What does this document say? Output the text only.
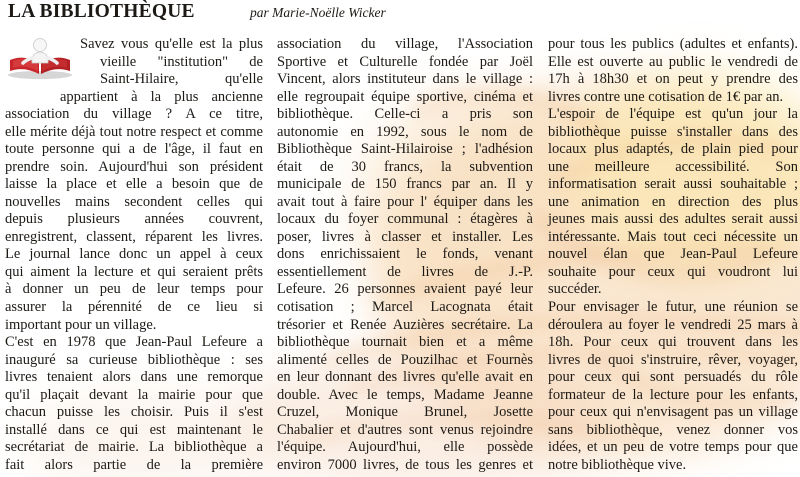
LA BIBLIOTHÈQUE	par Marie-Noëlle Wicker
Savez vous qu'elle est la plus
vieille "institution" de
Saint-Hilaire, qu'elle
appartient à la plus ancienne
association du village ? A ce titre,
elle mérite déjà tout notre respect et comme
toute personne qui a de l'âge, il faut en
prendre soin. Aujourd'hui son président
laisse la place et elle a besoin que de
nouvelles mains secondent celles qui
depuis plusieurs années couvrent,
enregistrent, classent, réparent les livres.
Le journal lance donc un appel à ceux
qui aiment la lecture et qui seraient prêts
à donner un peu de leur temps pour
assurer la pérennité de ce lieu si
important pour un village.
C'est en 1978 que Jean-Paul Lefeure a
inauguré sa curieuse bibliothèque : ses
livres tenaient alors dans une remorque
qu'il plaçait devant la mairie pour que
chacun puisse les choisir. Puis il s'est
installé dans ce qui est maintenant le
secrétariat de mairie. La bibliothèque a
fait alors partie de la première
association du village, l'Association
Sportive et Culturelle fondée par Joël
Vincent, alors instituteur dans le village :
elle regroupait équipe sportive, cinéma et
bibliothèque. Celle-ci a pris son
autonomie en 1992, sous le nom de
Bibliothèque Saint-Hilairoise ; l'adhésion
était de 30 francs, la subvention
municipale de 150 francs par an. Il y
avait tout à faire pour l' équiper dans les
locaux du foyer communal : étagères à
poser, livres à classer et installer. Les
dons enrichissaient le fonds, venant
essentiellement de livres de J.-P.
Lefeure. 26 personnes avaient payé leur
cotisation ; Marcel Lacognata était
trésorier et Renée Auzières secrétaire. La
bibliothèque tournait bien et a même
alimenté celles de Pouzilhac et Fournès
en leur donnant des livres qu'elle avait en
double. Avec le temps, Madame Jeanne
Cruzel, Monique Brunel, Josette
Chabalier et d'autres sont venus rejoindre
l'équipe. Aujourd'hui, elle possède
environ 7000 livres, de tous les genres et
pour tous les publics (adultes et enfants).
Elle est ouverte au public le vendredi de
17h à 18h30 et on peut y prendre des
livres contre une cotisation de 1€ par an.
L'espoir de l'équipe est qu'un jour la
bibliothèque puisse s'installer dans des
locaux plus adaptés, de plain pied pour
une meilleure accessibilité. Son
informatisation serait aussi souhaitable ;
une animation en direction des plus
jeunes mais aussi des adultes serait aussi
intéressante. Mais tout ceci nécessite un
nouvel élan que Jean-Paul Lefeure
souhaite pour ceux qui voudront lui
succéder.
Pour envisager le futur, une réunion se
déroulera au foyer le vendredi 25 mars à
18h. Pour ceux qui trouvent dans les
livres de quoi s'instruire, rêver, voyager,
pour ceux qui sont persuadés du rôle
formateur de la lecture pour les enfants,
pour ceux qui n'envisagent pas un village
sans bibliothèque, venez donner vos
idées, et un peu de votre temps pour que
notre bibliothèque vive.
